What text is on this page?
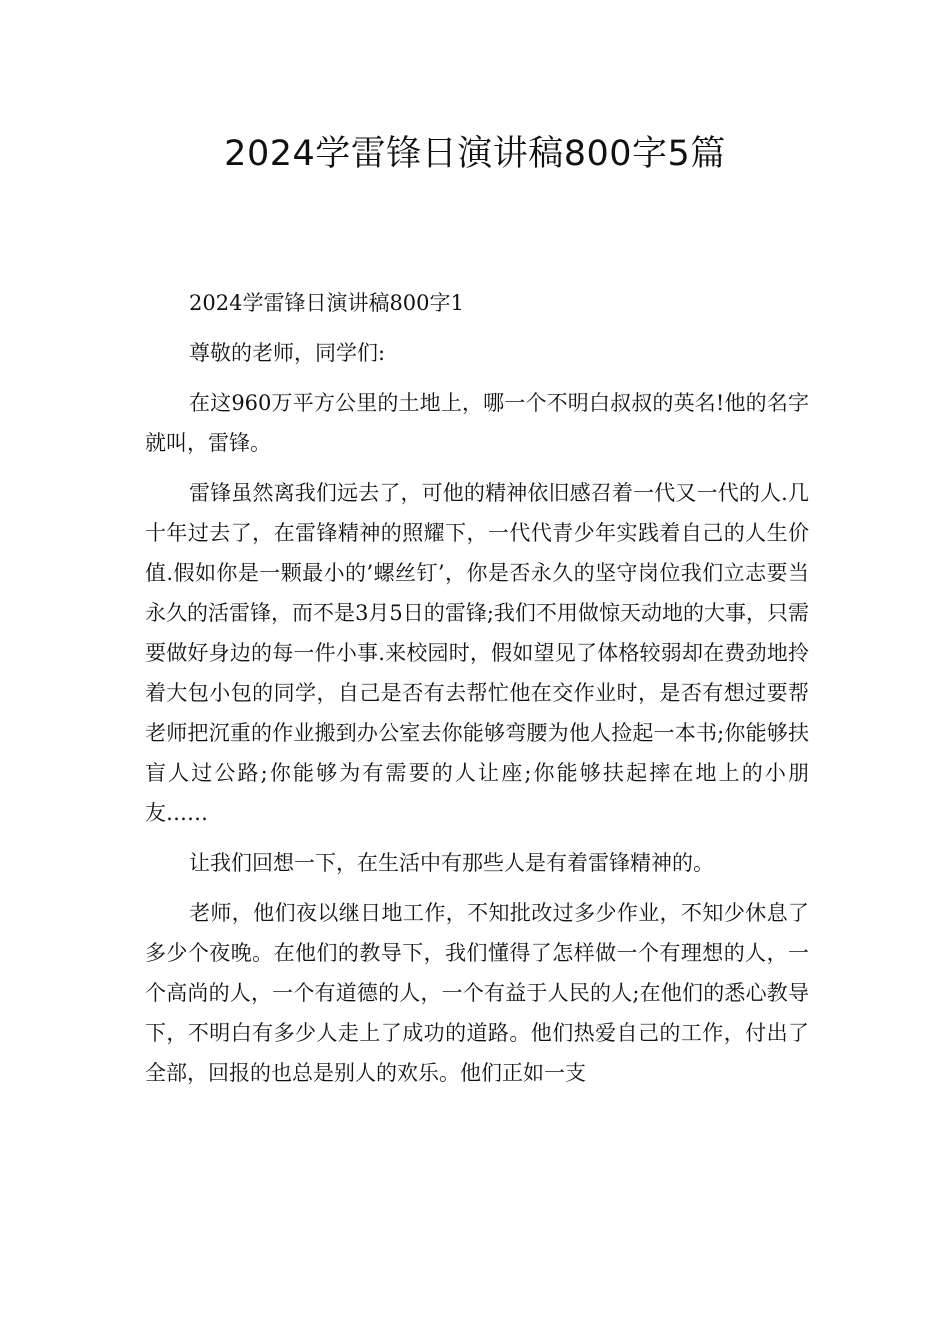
2024学雷锋日演讲稿800字5篇

2024学雷锋日演讲稿800字1

尊敬的老师，同学们:

在这960万平方公里的土地上，哪一个不明白叔叔的英名!他的名字就叫，雷锋。

雷锋虽然离我们远去了，可他的精神依旧感召着一代又一代的人.几十年过去了，在雷锋精神的照耀下，一代代青少年实践着自己的人生价值.假如你是一颗最小的’螺丝钉’，你是否永久的坚守岗位我们立志要当永久的活雷锋，而不是3月5日的雷锋;我们不用做惊天动地的大事，只需要做好身边的每一件小事.来校园时，假如望见了体格较弱却在费劲地拎着大包小包的同学，自己是否有去帮忙他在交作业时，是否有想过要帮老师把沉重的作业搬到办公室去你能够弯腰为他人捡起一本书;你能够扶盲人过公路;你能够为有需要的人让座;你能够扶起摔在地上的小朋友……

让我们回想一下，在生活中有那些人是有着雷锋精神的。

老师，他们夜以继日地工作，不知批改过多少作业，不知少休息了多少个夜晚。在他们的教导下，我们懂得了怎样做一个有理想的人，一个高尚的人，一个有道德的人，一个有益于人民的人;在他们的悉心教导下，不明白有多少人走上了成功的道路。他们热爱自己的工作，付出了全部，回报的也总是别人的欢乐。他们正如一支
